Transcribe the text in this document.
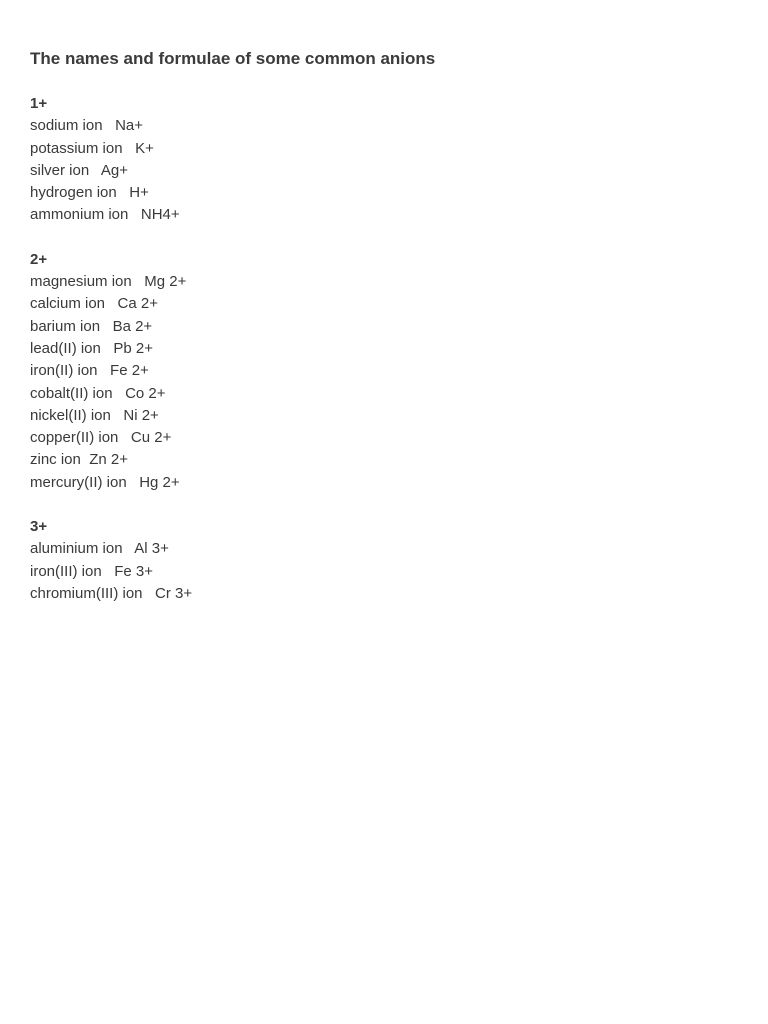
The names and formulae of some common anions
1+
sodium ion Na+
potassium ion K+
silver ion Ag+
hydrogen ion H+
ammonium ion NH4+
2+
magnesium ion Mg 2+
calcium ion Ca 2+
barium ion Ba 2+
lead(II) ion Pb 2+
iron(II) ion Fe 2+
cobalt(II) ion Co 2+
nickel(II) ion Ni 2+
copper(II) ion Cu 2+
zinc ion Zn 2+
mercury(II) ion Hg 2+
3+
aluminium ion Al 3+
iron(III) ion Fe 3+
chromium(III) ion Cr 3+
